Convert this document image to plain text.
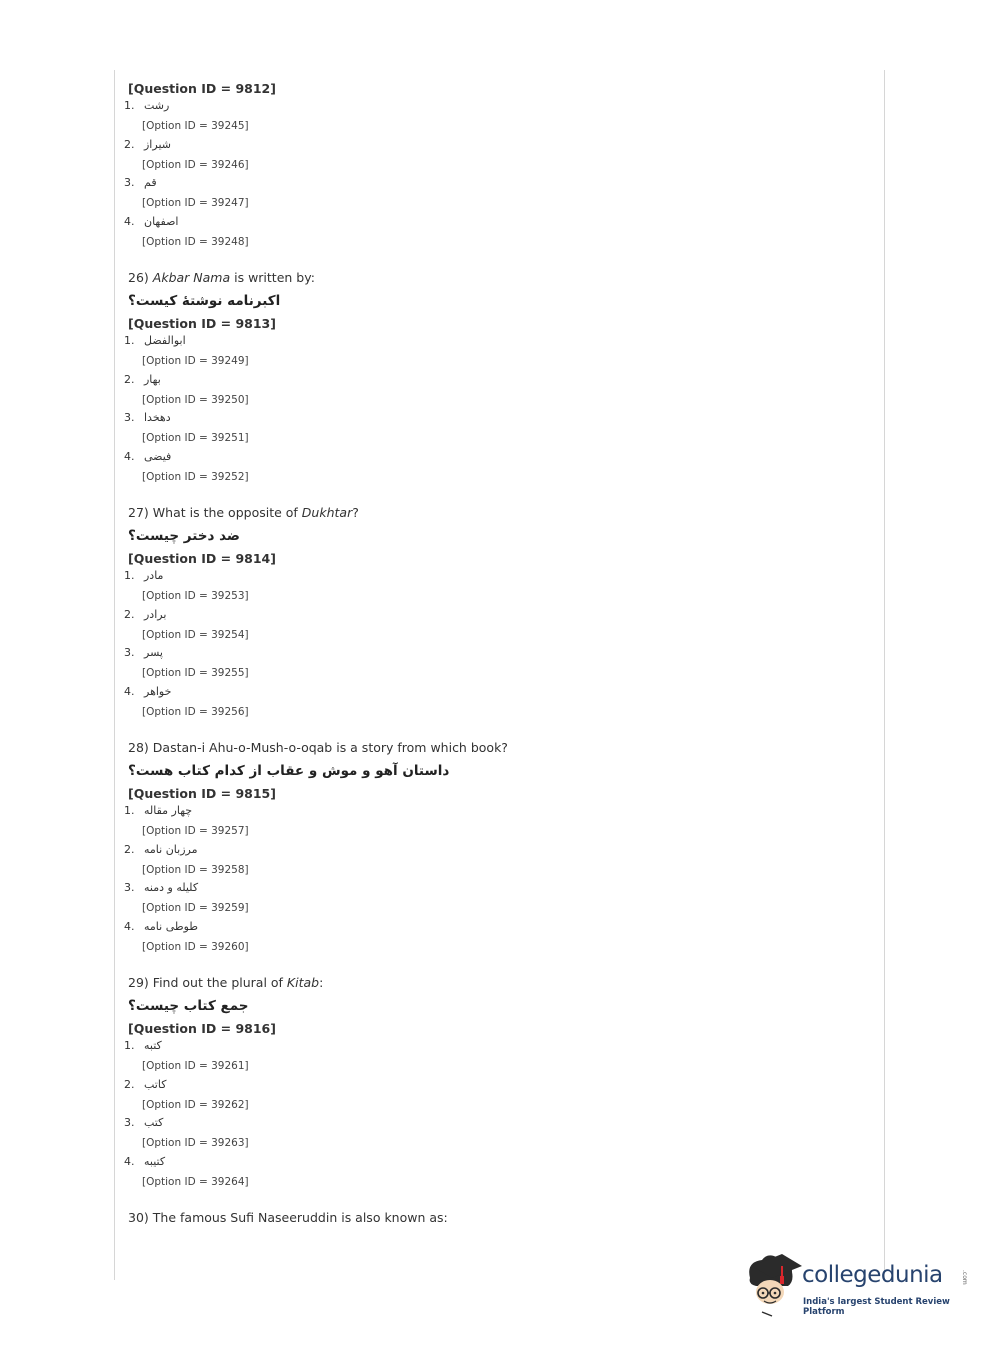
[Question ID = 9812]
1. رشت
[Option ID = 39245]
2. شیراز
[Option ID = 39246]
3. قم
[Option ID = 39247]
4. اصفهان
[Option ID = 39248]
26) Akbar Nama is written by:
اکبرنامه نوشتهٔ کیست؟
[Question ID = 9813]
1. ابوالفضل
[Option ID = 39249]
2. بهار
[Option ID = 39250]
3. دهخدا
[Option ID = 39251]
4. فیضی
[Option ID = 39252]
27) What is the opposite of Dukhtar?
ضد دختر چیست؟
[Question ID = 9814]
1. مادر
[Option ID = 39253]
2. برادر
[Option ID = 39254]
3. پسر
[Option ID = 39255]
4. خواهر
[Option ID = 39256]
28) Dastan-i Ahu-o-Mush-o-oqab is a story from which book?
داستان آهو و موش و عقاب از کدام کتاب هست؟
[Question ID = 9815]
1. چهار مقاله
[Option ID = 39257]
2. مرزبان نامه
[Option ID = 39258]
3. کلیله و دمنه
[Option ID = 39259]
4. طوطی نامه
[Option ID = 39260]
29) Find out the plural of Kitab:
جمع کتاب چیست؟
[Question ID = 9816]
1. کتبه
[Option ID = 39261]
2. کاتب
[Option ID = 39262]
3. کتب
[Option ID = 39263]
4. کتیبه
[Option ID = 39264]
30) The famous Sufi Naseeruddin is also known as:
collegedunia	.com
India's largest Student Review Platform
